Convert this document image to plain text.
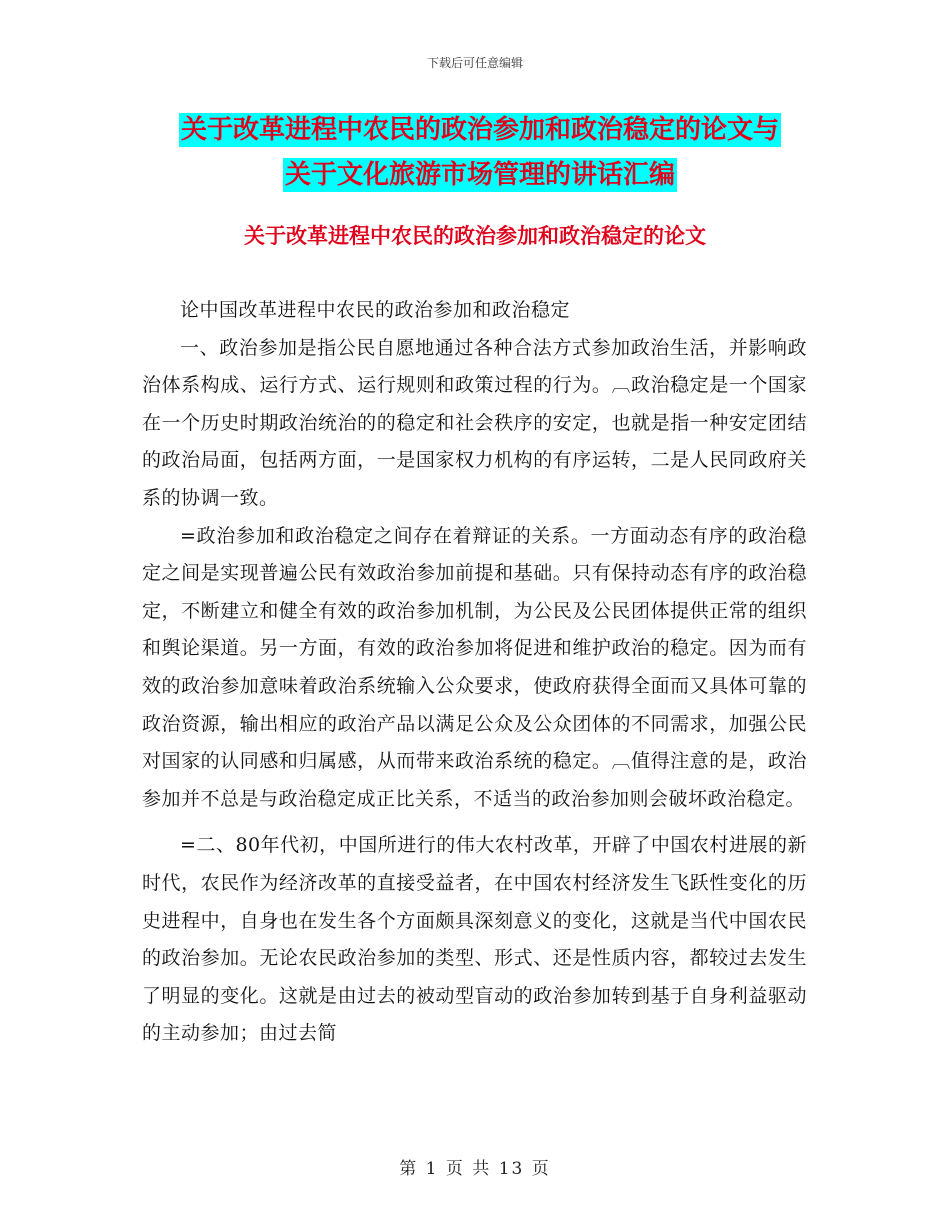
下载后可任意编辑
关于改革进程中农民的政治参加和政治稳定的论文与
关于文化旅游市场管理的讲话汇编
关于改革进程中农民的政治参加和政治稳定的论文

论中国改革进程中农民的政治参加和政治稳定

一、政治参加是指公民自愿地通过各种合法方式参加政治生活，并影响政治体系构成、运行方式、运行规则和政策过程的行为。︹政治稳定是一个国家在一个历史时期政治统治的的稳定和社会秩序的安定，也就是指一种安定团结的政治局面，包括两方面，一是国家权力机构的有序运转，二是人民同政府关系的协调一致。

=政治参加和政治稳定之间存在着辩证的关系。一方面动态有序的政治稳定之间是实现普遍公民有效政治参加前提和基础。只有保持动态有序的政治稳定，不断建立和健全有效的政治参加机制，为公民及公民团体提供正常的组织和舆论渠道。另一方面，有效的政治参加将促进和维护政治的稳定。因为而有效的政治参加意味着政治系统输入公众要求，使政府获得全面而又具体可靠的政治资源，输出相应的政治产品以满足公众及公众团体的不同需求，加强公民对国家的认同感和归属感，从而带来政治系统的稳定。︹值得注意的是，政治参加并不总是与政治稳定成正比关系，不适当的政治参加则会破坏政治稳定。

=二、80年代初，中国所进行的伟大农村改革，开辟了中国农村进展的新时代，农民作为经济改革的直接受益者，在中国农村经济发生飞跃性变化的历史进程中，自身也在发生各个方面颇具深刻意义的变化，这就是当代中国农民的政治参加。无论农民政治参加的类型、形式、还是性质内容，都较过去发生了明显的变化。这就是由过去的被动型盲动的政治参加转到基于自身利益驱动的主动参加；由过去简

第 1 页 共 13 页
